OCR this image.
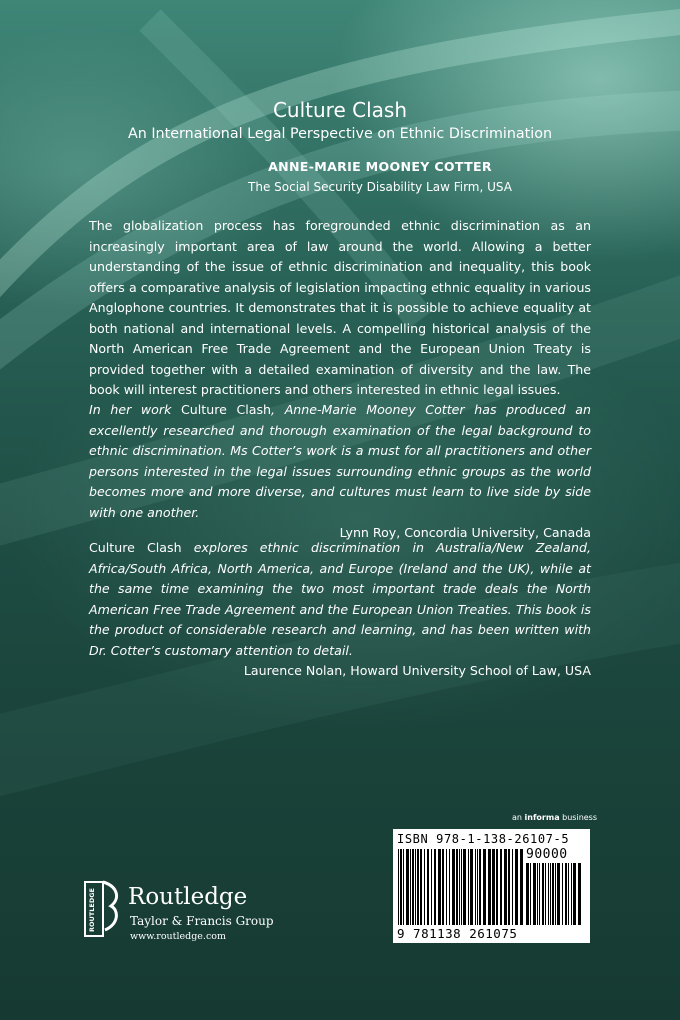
Culture Clash
An International Legal Perspective on Ethnic Discrimination
ANNE-MARIE MOONEY COTTER
The Social Security Disability Law Firm, USA
The globalization process has foregrounded ethnic discrimination as an increasingly important area of law around the world. Allowing a better understanding of the issue of ethnic discrimination and inequality, this book offers a comparative analysis of legislation impacting ethnic equality in various Anglophone countries. It demonstrates that it is possible to achieve equality at both national and international levels. A compelling historical analysis of the North American Free Trade Agreement and the European Union Treaty is provided together with a detailed examination of diversity and the law. The book will interest practitioners and others interested in ethnic legal issues.
In her work Culture Clash, Anne-Marie Mooney Cotter has produced an excellently researched and thorough examination of the legal background to ethnic discrimination. Ms Cotter’s work is a must for all practitioners and other persons interested in the legal issues surrounding ethnic groups as the world becomes more and more diverse, and cultures must learn to live side by side with one another.
Lynn Roy, Concordia University, Canada
Culture Clash explores ethnic discrimination in Australia/New Zealand, Africa/South Africa, North America, and Europe (Ireland and the UK), while at the same time examining the two most important trade deals the North American Free Trade Agreement and the European Union Treaties. This book is the product of considerable research and learning, and has been written with Dr. Cotter’s customary attention to detail.
Laurence Nolan, Howard University School of Law, USA
an informa business
ISBN 978-1-138-26107-5
90000
9 781138 261075
ROUTLEDGE Routledge
Taylor & Francis Group
www.routledge.com
